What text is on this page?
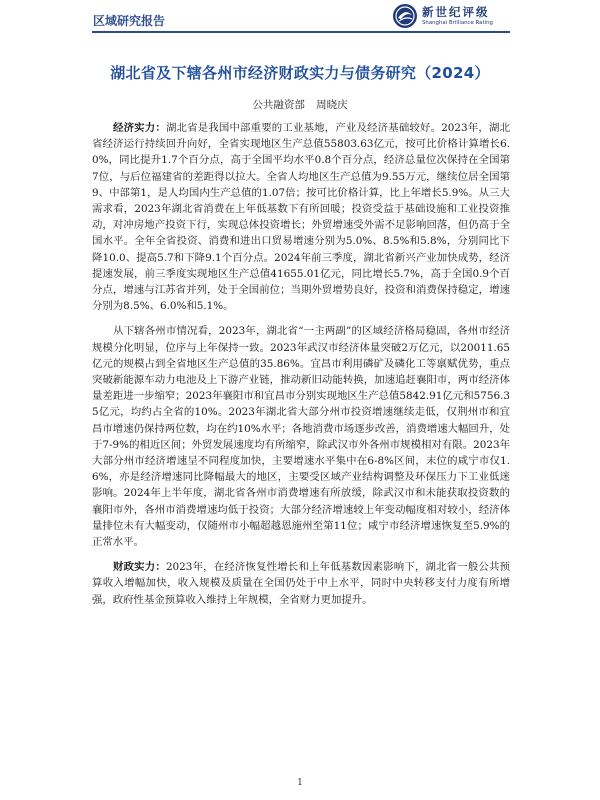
区域研究报告
新世纪评级
Shanghai Brilliance Rating
湖北省及下辖各州市经济财政实力与债务研究（2024）
公共融资部 周晓庆

经济实力：湖北省是我国中部重要的工业基地，产业及经济基础较好。2023年，湖北省经济运行持续回升向好，全省实现地区生产总值55803.63亿元，按可比价格计算增长6.0%，同比提升1.7个百分点，高于全国平均水平0.8个百分点，经济总量位次保持在全国第7位，与后位福建省的差距得以拉大。全省人均地区生产总值为9.55万元，继续位居全国第9、中部第1，是人均国内生产总值的1.07倍；按可比价格计算，比上年增长5.9%。从三大需求看，2023年湖北省消费在上年低基数下有所回暖；投资受益于基础设施和工业投资推动，对冲房地产投资下行，实现总体投资增长；外贸增速受外需不足影响回落，但仍高于全国水平。全年全省投资、消费和进出口贸易增速分别为5.0%、8.5%和5.8%，分别同比下降10.0、提高5.7和下降9.1个百分点。2024年前三季度，湖北省新兴产业加快成势，经济提速发展，前三季度实现地区生产总值41655.01亿元，同比增长5.7%，高于全国0.9个百分点，增速与江苏省并列，处于全国前位；当期外贸增势良好，投资和消费保持稳定，增速分别为8.5%、6.0%和5.1%。

从下辖各州市情况看，2023年，湖北省“一主两副”的区域经济格局稳固，各州市经济规模分化明显，位序与上年保持一致。2023年武汉市经济体量突破2万亿元，以20011.65亿元的规模占到全省地区生产总值的35.86%。宜昌市利用磷矿及磷化工等禀赋优势，重点突破新能源车动力电池及上下游产业链，推动新旧动能转换，加速追赶襄阳市，两市经济体量差距进一步缩窄；2023年襄阳市和宜昌市分别实现地区生产总值5842.91亿元和5756.35亿元，均约占全省的10%。2023年湖北省大部分州市投资增速继续走低，仅荆州市和宜昌市增速仍保持两位数，均在约10%水平；各地消费市场逐步改善，消费增速大幅回升，处于7-9%的相近区间；外贸发展速度均有所缩窄，除武汉市外各州市规模相对有限。2023年大部分州市经济增速呈不同程度加快，主要增速水平集中在6-8%区间，末位的咸宁市仅1.6%，亦是经济增速同比降幅最大的地区，主要受区域产业结构调整及环保压力下工业低迷影响。2024年上半年度，湖北省各州市消费增速有所放缓，除武汉市和未能获取投资数的襄阳市外，各州市消费增速均低于投资；大部分经济增速较上年变动幅度相对较小，经济体量排位未有大幅变动，仅随州市小幅超越恩施州至第11位；咸宁市经济增速恢复至5.9%的正常水平。

财政实力：2023年，在经济恢复性增长和上年低基数因素影响下，湖北省一般公共预算收入增幅加快，收入规模及质量在全国仍处于中上水平，同时中央转移支付力度有所增强，政府性基金预算收入维持上年规模，全省财力更加提升。

1
